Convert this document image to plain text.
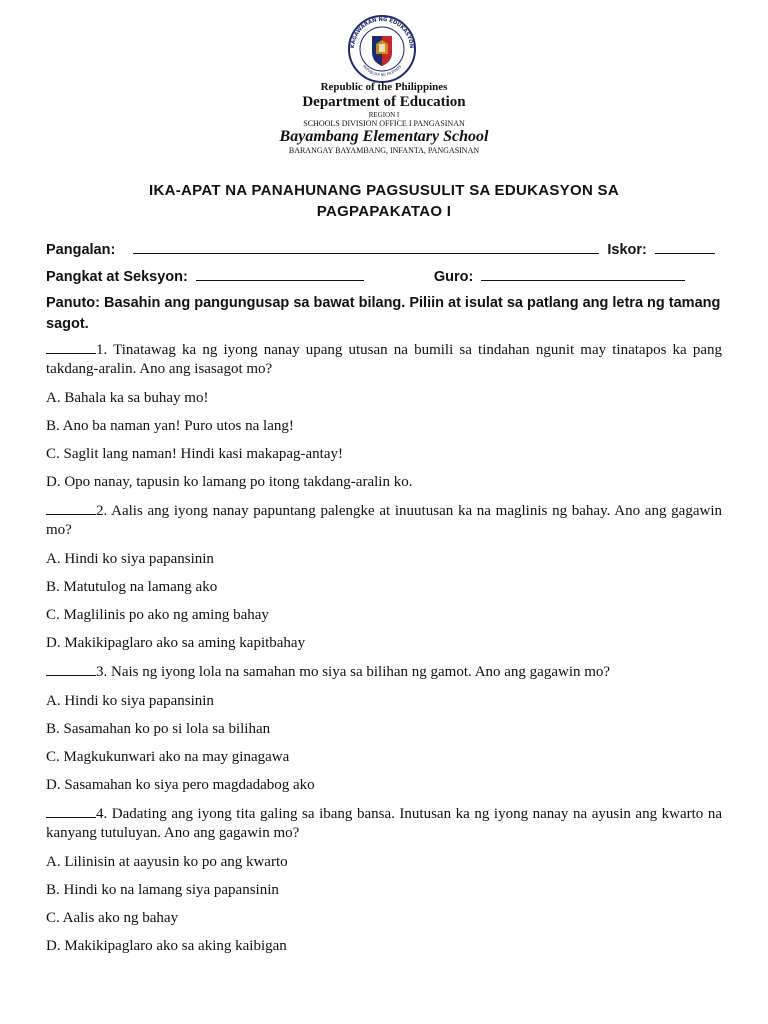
KAGAWARAN NG EDUKASYON
REPUBLIKA NG PILIPINAS
Republic of the Philippines
Department of Education
REGION I
SCHOOLS DIVISION OFFICE I PANGASINAN
Bayambang Elementary School
BARANGAY BAYAMBANG, INFANTA, PANGASINAN
IKA-APAT NA PANAHUNANG PAGSUSULIT SA EDUKASYON SA
PAGPAPAKATAO I
Pangalan:	Iskor:
Pangkat at Seksyon:	Guro:
Panuto: Basahin ang pangungusap sa bawat bilang. Piliin at isulat sa patlang ang letra ng tamang sagot.
1. Tinatawag ka ng iyong nanay upang utusan na bumili sa tindahan ngunit may tinatapos ka pang takdang-aralin. Ano ang isasagot mo?
A. Bahala ka sa buhay mo!
B. Ano ba naman yan! Puro utos na lang!
C. Saglit lang naman! Hindi kasi makapag-antay!
D. Opo nanay, tapusin ko lamang po itong takdang-aralin ko.
2. Aalis ang iyong nanay papuntang palengke at inuutusan ka na maglinis ng bahay. Ano ang gagawin mo?
A. Hindi ko siya papansinin
B. Matutulog na lamang ako
C. Maglilinis po ako ng aming bahay
D. Makikipaglaro ako sa aming kapitbahay
3. Nais ng iyong lola na samahan mo siya sa bilihan ng gamot. Ano ang gagawin mo?
A. Hindi ko siya papansinin
B. Sasamahan ko po si lola sa bilihan
C. Magkukunwari ako na may ginagawa
D. Sasamahan ko siya pero magdadabog ako
4. Dadating ang iyong tita galing sa ibang bansa. Inutusan ka ng iyong nanay na ayusin ang kwarto na kanyang tutuluyan. Ano ang gagawin mo?
A. Lilinisin at aayusin ko po ang kwarto
B. Hindi ko na lamang siya papansinin
C. Aalis ako ng bahay
D. Makikipaglaro ako sa aking kaibigan
